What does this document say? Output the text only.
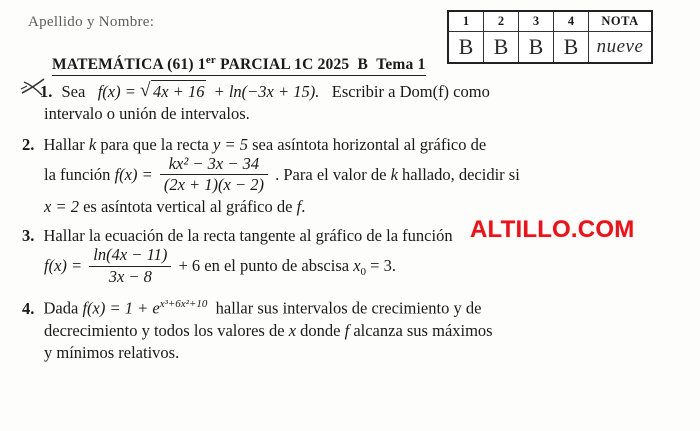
Apellido y Nombre:	1	2	3	4	NOTA
B	B	B	B	nueve
MATEMÁTICA (61) 1er PARCIAL 1C 2025 B Tema 1
ALTILLO.COM
1. Sea f(x) = √ 4x + 16 + ln(−3x + 15). Escribir a Dom(f) como
intervalo o unión de intervalos.
2. Hallar k para que la recta y = 5 sea asíntota horizontal al gráfico de
la función $f(x) = \frac{\text{kx² − 3x − 34}}{(2x + 1)(x - 2)}$ . Para el valor de k hallado, decidir si
x = 2 es asíntota vertical al gráfico de f.
3. Hallar la ecuación de la recta tangente al gráfico de la función
$f(x) = \frac{\ln(4x - 11)}{3x - 8} + 6$ en el punto de abscisa $x_0 = 3$.
4. Dada $f(x) = 1 + e^{x^3+6x^2+10}$ hallar sus intervalos de crecimiento y de
decrecimiento y todos los valores de x donde f alcanza sus máximos
y mínimos relativos.
